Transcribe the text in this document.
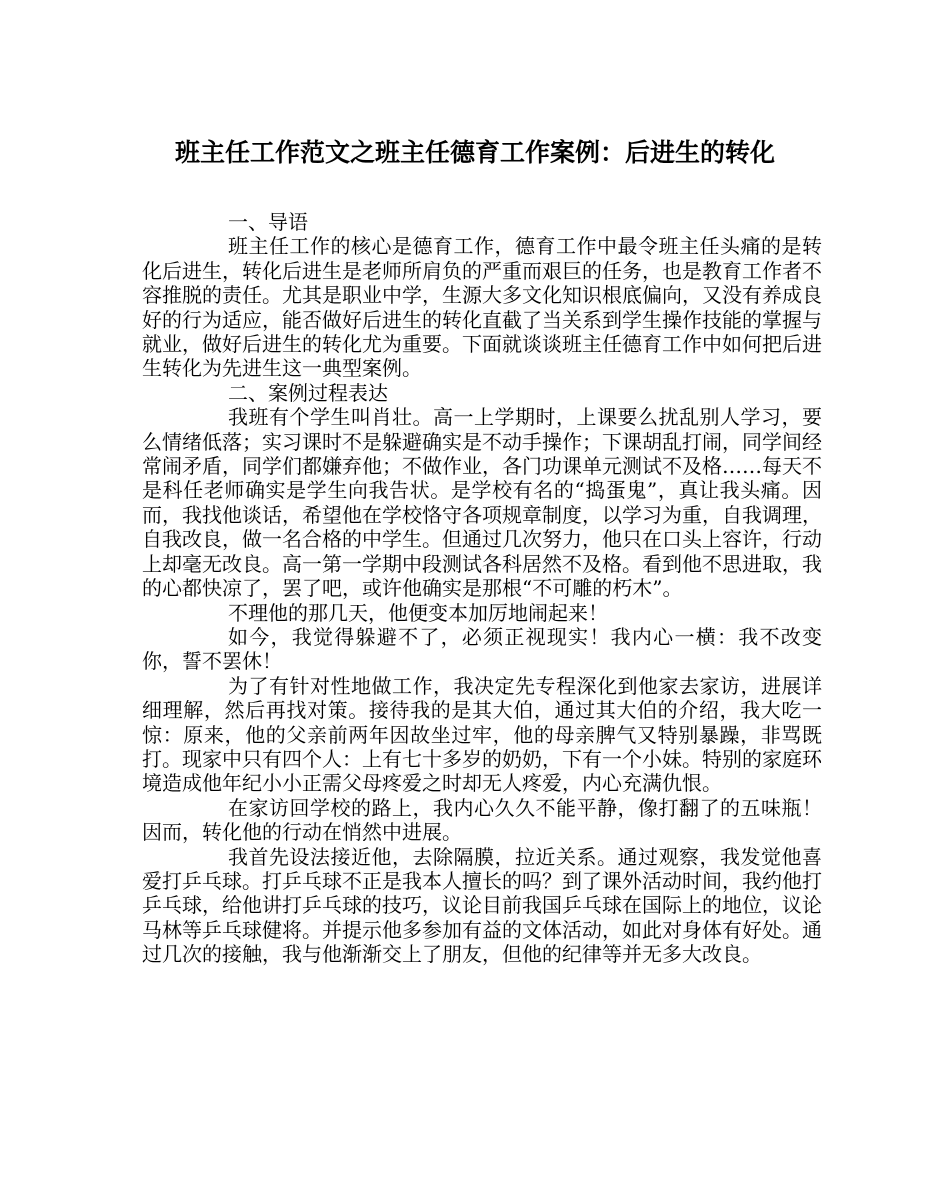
班主任工作范文之班主任德育工作案例：后进生的转化

一、导语

班主任工作的核心是德育工作，德育工作中最令班主任头痛的是转化后进生，转化后进生是老师所肩负的严重而艰巨的任务，也是教育工作者不容推脱的责任。尤其是职业中学，生源大多文化知识根底偏向，又没有养成良好的行为适应，能否做好后进生的转化直截了当关系到学生操作技能的掌握与就业，做好后进生的转化尤为重要。下面就谈谈班主任德育工作中如何把后进生转化为先进生这一典型案例。

二、案例过程表达

我班有个学生叫肖壮。高一上学期时，上课要么扰乱别人学习，要么情绪低落；实习课时不是躲避确实是不动手操作；下课胡乱打闹，同学间经常闹矛盾，同学们都嫌弃他；不做作业，各门功课单元测试不及格……每天不是科任老师确实是学生向我告状。是学校有名的“捣蛋鬼”，真让我头痛。因而，我找他谈话，希望他在学校恪守各项规章制度，以学习为重，自我调理，自我改良，做一名合格的中学生。但通过几次努力，他只在口头上容许，行动上却毫无改良。高一第一学期中段测试各科居然不及格。看到他不思进取，我的心都快凉了，罢了吧，或许他确实是那根“不可雕的朽木”。

不理他的那几天，他便变本加厉地闹起来！

如今，我觉得躲避不了，必须正视现实！我内心一横：我不改变你，誓不罢休！

为了有针对性地做工作，我决定先专程深化到他家去家访，进展详细理解，然后再找对策。接待我的是其大伯，通过其大伯的介绍，我大吃一惊：原来，他的父亲前两年因故坐过牢，他的母亲脾气又特别暴躁，非骂既打。现家中只有四个人：上有七十多岁的奶奶，下有一个小妹。特别的家庭环境造成他年纪小小正需父母疼爱之时却无人疼爱，内心充满仇恨。

在家访回学校的路上，我内心久久不能平静，像打翻了的五味瓶！因而，转化他的行动在悄然中进展。

我首先设法接近他，去除隔膜，拉近关系。通过观察，我发觉他喜爱打乒乓球。打乒乓球不正是我本人擅长的吗？到了课外活动时间，我约他打乒乓球，给他讲打乒乓球的技巧，议论目前我国乒乓球在国际上的地位，议论马林等乒乓球健将。并提示他多参加有益的文体活动，如此对身体有好处。通过几次的接触，我与他渐渐交上了朋友，但他的纪律等并无多大改良。
